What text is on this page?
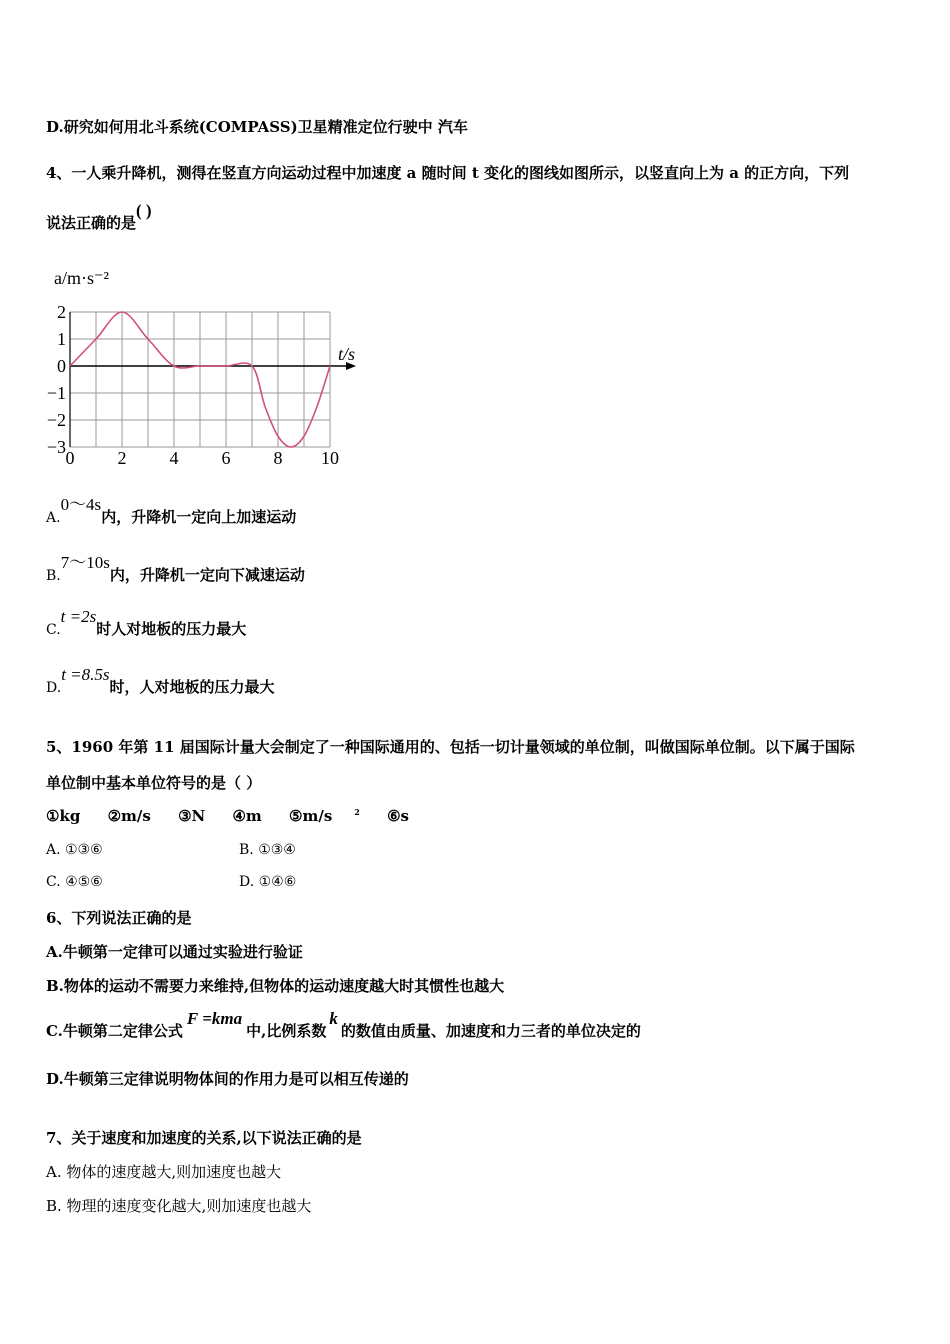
D.研究如何用北斗系统(COMPASS)卫星精准定位行驶中 汽车
4、一人乘升降机，测得在竖直方向运动过程中加速度 a 随时间 t 变化的图线如图所示，以竖直向上为 a 的正方向，下列
说法正确的是( )
0 2 4 6 8 10
2
1
0
−1
−2
−3
a/m·s⁻²
t/s
A.0～4s内，升降机一定向上加速运动
B.7～10s内，升降机一定向下减速运动
C.t =2s时人对地板的压力最大
D.t =8.5s时，人对地板的压力最大
5、1960 年第 11 届国际计量大会制定了一种国际通用的、包括一切计量领域的单位制，叫做国际单位制。以下属于国际
单位制中基本单位符号的是（ ）
①kg ②m/s ③N ④m ⑤m/s	$^2$ ⑥s
A. ①③⑥	B. ①③④
C. ④⑤⑥	D. ①④⑥
6、下列说法正确的是
A.牛顿第一定律可以通过实验进行验证
B.物体的运动不需要力来维持,但物体的运动速度越大时其惯性也越大
C.牛顿第二定律公式F =kma中,比例系数k的数值由质量、加速度和力三者的单位决定的
D.牛顿第三定律说明物体间的作用力是可以相互传递的
7、关于速度和加速度的关系,以下说法正确的是
A. 物体的速度越大,则加速度也越大
B. 物理的速度变化越大,则加速度也越大
